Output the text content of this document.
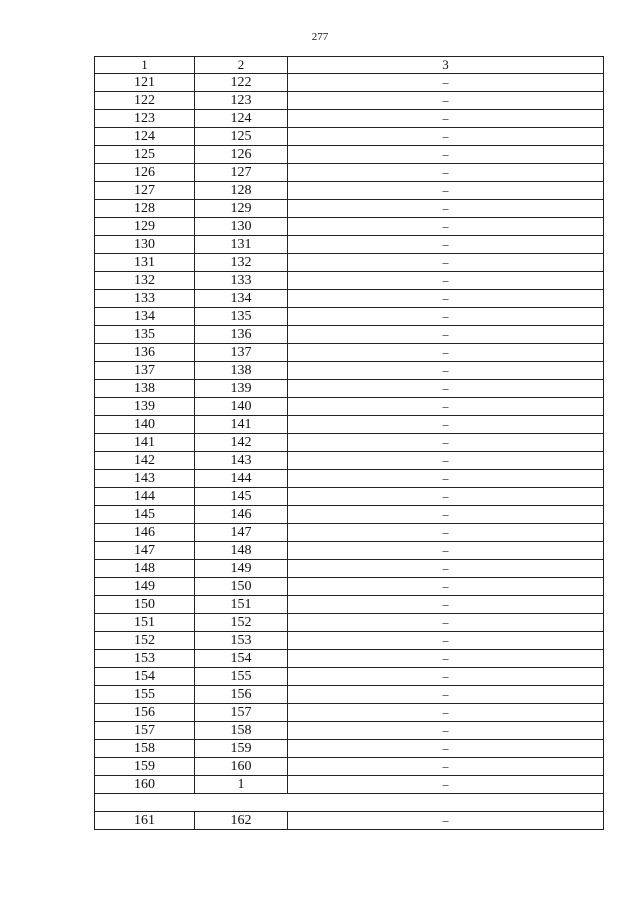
277
1	2	3
121	122	–
122	123	–
123	124	–
124	125	–
125	126	–
126	127	–
127	128	–
128	129	–
129	130	–
130	131	–
131	132	–
132	133	–
133	134	–
134	135	–
135	136	–
136	137	–
137	138	–
138	139	–
139	140	–
140	141	–
141	142	–
142	143	–
143	144	–
144	145	–
145	146	–
146	147	–
147	148	–
148	149	–
149	150	–
150	151	–
151	152	–
152	153	–
153	154	–
154	155	–
155	156	–
156	157	–
157	158	–
158	159	–
159	160	–
160	1	–

161	162	–
